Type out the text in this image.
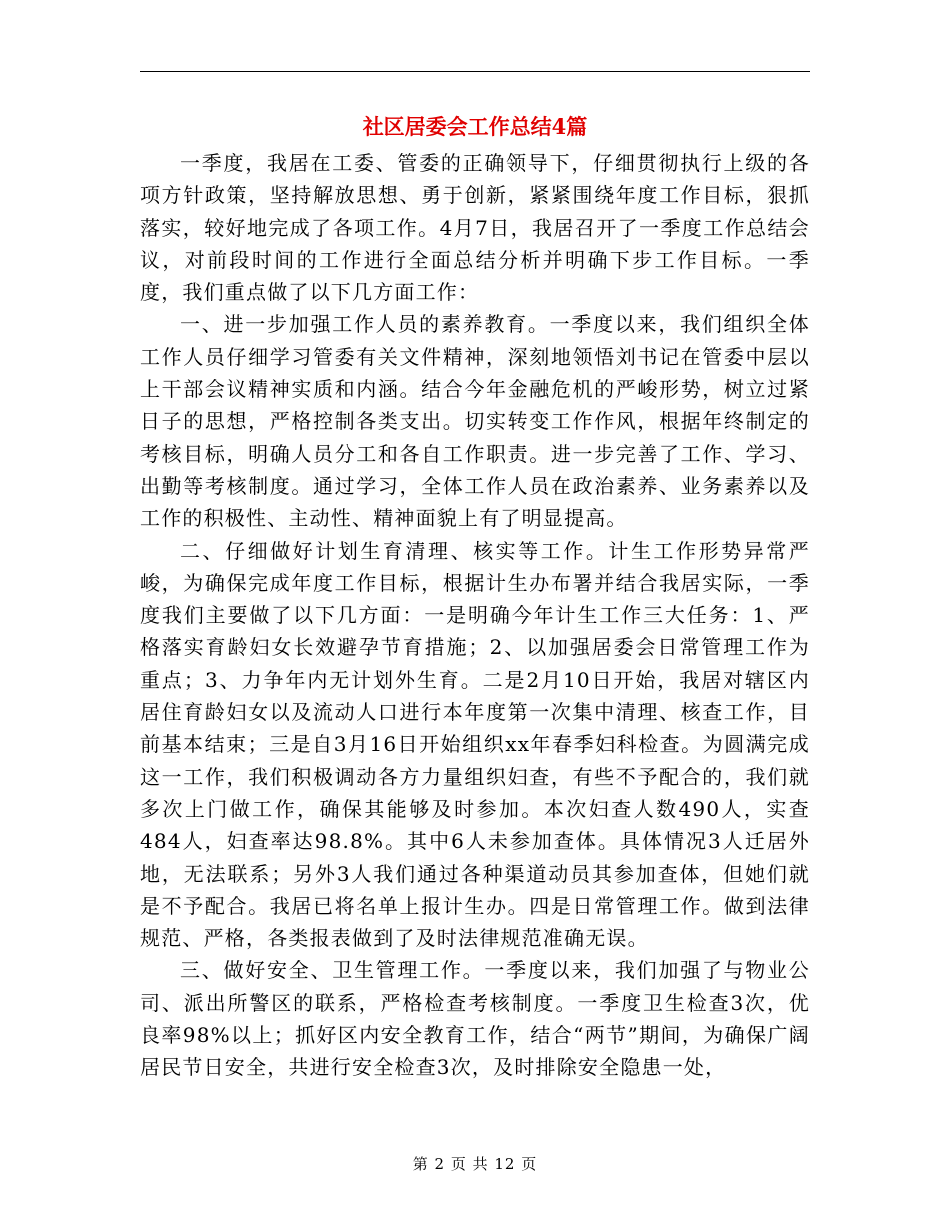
社区居委会工作总结4篇

一季度，我居在工委、管委的正确领导下，仔细贯彻执行上级的各项方针政策，坚持解放思想、勇于创新，紧紧围绕年度工作目标，狠抓落实，较好地完成了各项工作。4月7日，我居召开了一季度工作总结会议，对前段时间的工作进行全面总结分析并明确下步工作目标。一季度，我们重点做了以下几方面工作：

一、进一步加强工作人员的素养教育。一季度以来，我们组织全体工作人员仔细学习管委有关文件精神，深刻地领悟刘书记在管委中层以上干部会议精神实质和内涵。结合今年金融危机的严峻形势，树立过紧日子的思想，严格控制各类支出。切实转变工作作风，根据年终制定的考核目标，明确人员分工和各自工作职责。进一步完善了工作、学习、出勤等考核制度。通过学习，全体工作人员在政治素养、业务素养以及工作的积极性、主动性、精神面貌上有了明显提高。

二、仔细做好计划生育清理、核实等工作。计生工作形势异常严峻，为确保完成年度工作目标，根据计生办布署并结合我居实际，一季度我们主要做了以下几方面：一是明确今年计生工作三大任务：1、严格落实育龄妇女长效避孕节育措施；2、以加强居委会日常管理工作为重点；3、力争年内无计划外生育。二是2月10日开始，我居对辖区内居住育龄妇女以及流动人口进行本年度第一次集中清理、核查工作，目前基本结束；三是自3月16日开始组织xx年春季妇科检查。为圆满完成这一工作，我们积极调动各方力量组织妇查，有些不予配合的，我们就多次上门做工作，确保其能够及时参加。本次妇查人数490人，实查484人，妇查率达98.8%。其中6人未参加查体。具体情况3人迁居外地，无法联系；另外3人我们通过各种渠道动员其参加查体，但她们就是不予配合。我居已将名单上报计生办。四是日常管理工作。做到法律规范、严格，各类报表做到了及时法律规范准确无误。

三、做好安全、卫生管理工作。一季度以来，我们加强了与物业公司、派出所警区的联系，严格检查考核制度。一季度卫生检查3次，优良率98%以上；抓好区内安全教育工作，结合“两节”期间，为确保广阔居民节日安全，共进行安全检查3次，及时排除安全隐患一处，

第 2 页 共 12 页
